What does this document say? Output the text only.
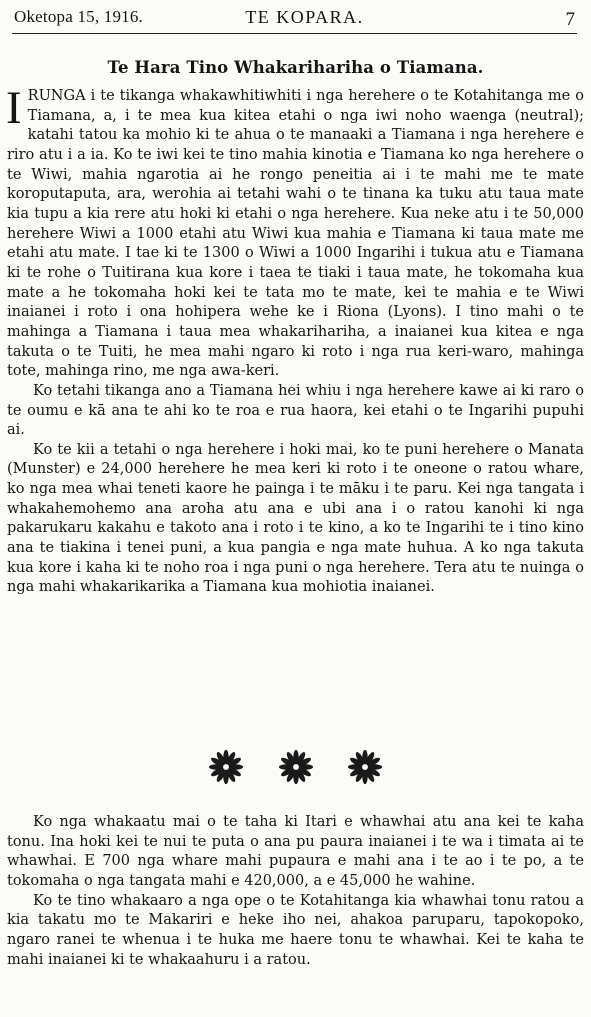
Oketopa 15, 1916.	TE KOPARA.	7
Te Hara Tino Whakarihariha o Tiamana.

IRUNGA i te tikanga whakawhitiwhiti i nga herehere o te Kotahitanga me o Tiamana, a, i te mea kua kitea etahi o nga iwi noho waenga (neutral); katahi tatou ka mohio ki te ahua o te manaaki a Tiamana i nga herehere e riro atu i a ia. Ko te iwi kei te tino mahia kinotia e Tiamana ko nga herehere o te Wiwi, mahia ngarotia ai he rongo peneitia ai i te mahi me te mate koroputaputa, ara, werohia ai tetahi wahi o te tinana ka tuku atu taua mate kia tupu a kia rere atu hoki ki etahi o nga herehere. Kua neke atu i te 50,000 herehere Wiwi a 1000 etahi atu Wiwi kua mahia e Tiamana ki taua mate me etahi atu mate. I tae ki te 1300 o Wiwi a 1000 Ingarihi i tukua atu e Tiamana ki te rohe o Tuitirana kua kore i taea te tiaki i taua mate, he tokomaha kua mate a he tokomaha hoki kei te tata mo te mate, kei te mahia e te Wiwi inaianei i roto i ona hohipera wehe ke i Riona (Lyons). I tino mahi o te mahinga a Tiamana i taua mea whakarihariha, a inaianei kua kitea e nga takuta o te Tuiti, he mea mahi ngaro ki roto i nga rua keri-waro, mahinga tote, mahinga rino, me nga awa-keri.

Ko tetahi tikanga ano a Tiamana hei whiu i nga herehere kawe ai ki raro o te oumu e kā ana te ahi ko te roa e rua haora, kei etahi o te Ingarihi pupuhi ai.

Ko te kii a tetahi o nga herehere i hoki mai, ko te puni herehere o Manata (Munster) e 24,000 herehere he mea keri ki roto i te oneone o ratou whare, ko nga mea whai teneti kaore he painga i te māku i te paru. Kei nga tangata i whakahemohemo ana aroha atu ana e ubi ana i o ratou kanohi ki nga pakarukaru kakahu e takoto ana i roto i te kino, a ko te Ingarihi te i tino kino ana te tiakina i tenei puni, a kua pangia e nga mate huhua. A ko nga takuta kua kore i kaha ki te noho roa i nga puni o nga herehere. Tera atu te nuinga o nga mahi whakarikarika a Tiamana kua mohiotia inaianei.

Ko nga whakaatu mai o te taha ki Itari e whawhai atu ana kei te kaha tonu. Ina hoki kei te nui te puta o ana pu paura inaianei i te wa i timata ai te whawhai. E 700 nga whare mahi pupaura e mahi ana i te ao i te po, a te tokomaha o nga tangata mahi e 420,000, a e 45,000 he wahine.

Ko te tino whakaaro a nga ope o te Kotahitanga kia whawhai tonu ratou a kia takatu mo te Makariri e heke iho nei, ahakoa paruparu, tapokopoko, ngaro ranei te whenua i te huka me haere tonu te whawhai. Kei te kaha te mahi inaianei ki te whakaahuru i a ratou.
